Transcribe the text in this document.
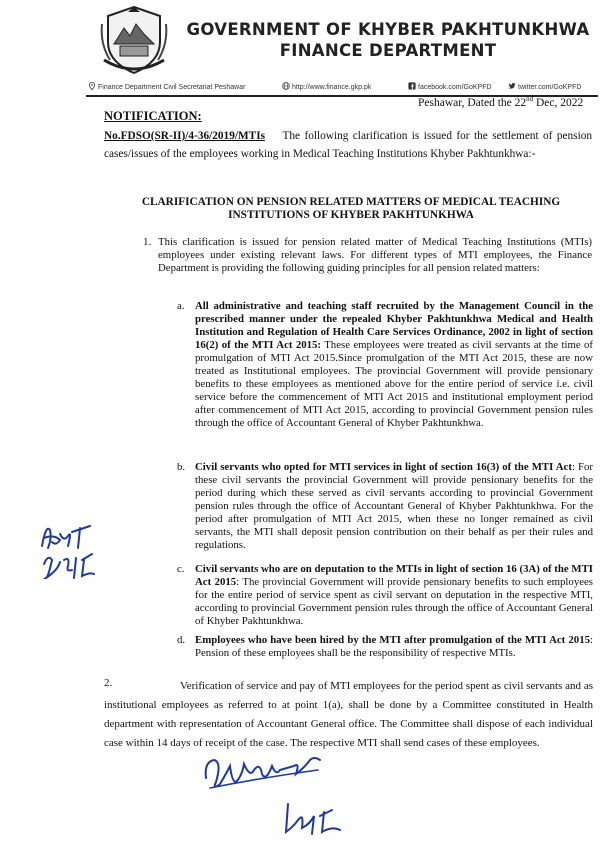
GOVERNMENT OF KHYBER PAKHTUNKHWA
FINANCE DEPARTMENT
Finance Department Civil Secretariat Peshawar	http://www.finance.gkp.pk	facebook.com/GoKPFD	twitter.com/GoKPFD
Peshawar, Dated the 22nd Dec, 2022
NOTIFICATION:
No.FDSO(SR-II)/4-36/2019/MTIs The following clarification is issued for the settlement of pension cases/issues of the employees working in Medical Teaching Institutions Khyber Pakhtunkhwa:-
CLARIFICATION ON PENSION RELATED MATTERS OF MEDICAL TEACHING INSTITUTIONS OF KHYBER PAKHTUNKHWA
1. This clarification is issued for pension related matter of Medical Teaching Institutions (MTIs) employees under existing relevant laws. For different types of MTI employees, the Finance Department is providing the following guiding principles for all pension related matters:
a. All administrative and teaching staff recruited by the Management Council in the prescribed manner under the repealed Khyber Pakhtunkhwa Medical and Health Institution and Regulation of Health Care Services Ordinance, 2002 in light of section 16(2) of the MTI Act 2015: These employees were treated as civil servants at the time of promulgation of MTI Act 2015.Since promulgation of the MTI Act 2015, these are now treated as Institutional employees. The provincial Government will provide pensionary benefits to these employees as mentioned above for the entire period of service i.e. civil service before the commencement of MTI Act 2015 and institutional employment period after commencement of MTI Act 2015, according to provincial Government pension rules through the office of Accountant General of Khyber Pakhtunkhwa.
b. Civil servants who opted for MTI services in light of section 16(3) of the MTI Act: For these civil servants the provincial Government will provide pensionary benefits for the period during which these served as civil servants according to provincial Government pension rules through the office of Accountant General of Khyber Pakhtunkhwa. For the period after promulgation of MTI Act 2015, when these no longer remained as civil servants, the MTI shall deposit pension contribution on their behalf as per their rules and regulations.
c. Civil servants who are on deputation to the MTIs in light of section 16 (3A) of the MTI Act 2015: The provincial Government will provide pensionary benefits to such employees for the entire period of service spent as civil servant on deputation in the respective MTI, according to provincial Government pension rules through the office of Accountant General of Khyber Pakhtunkhwa.
d. Employees who have been hired by the MTI after promulgation of the MTI Act 2015: Pension of these employees shall be the responsibility of respective MTIs.
2.	Verification of service and pay of MTI employees for the period spent as civil servants and as institutional employees as referred to at point 1(a), shall be done by a Committee constituted in Health department with representation of Accountant General office. The Committee shall dispose of each individual case within 14 days of receipt of the case. The respective MTI shall send cases of these employees.
